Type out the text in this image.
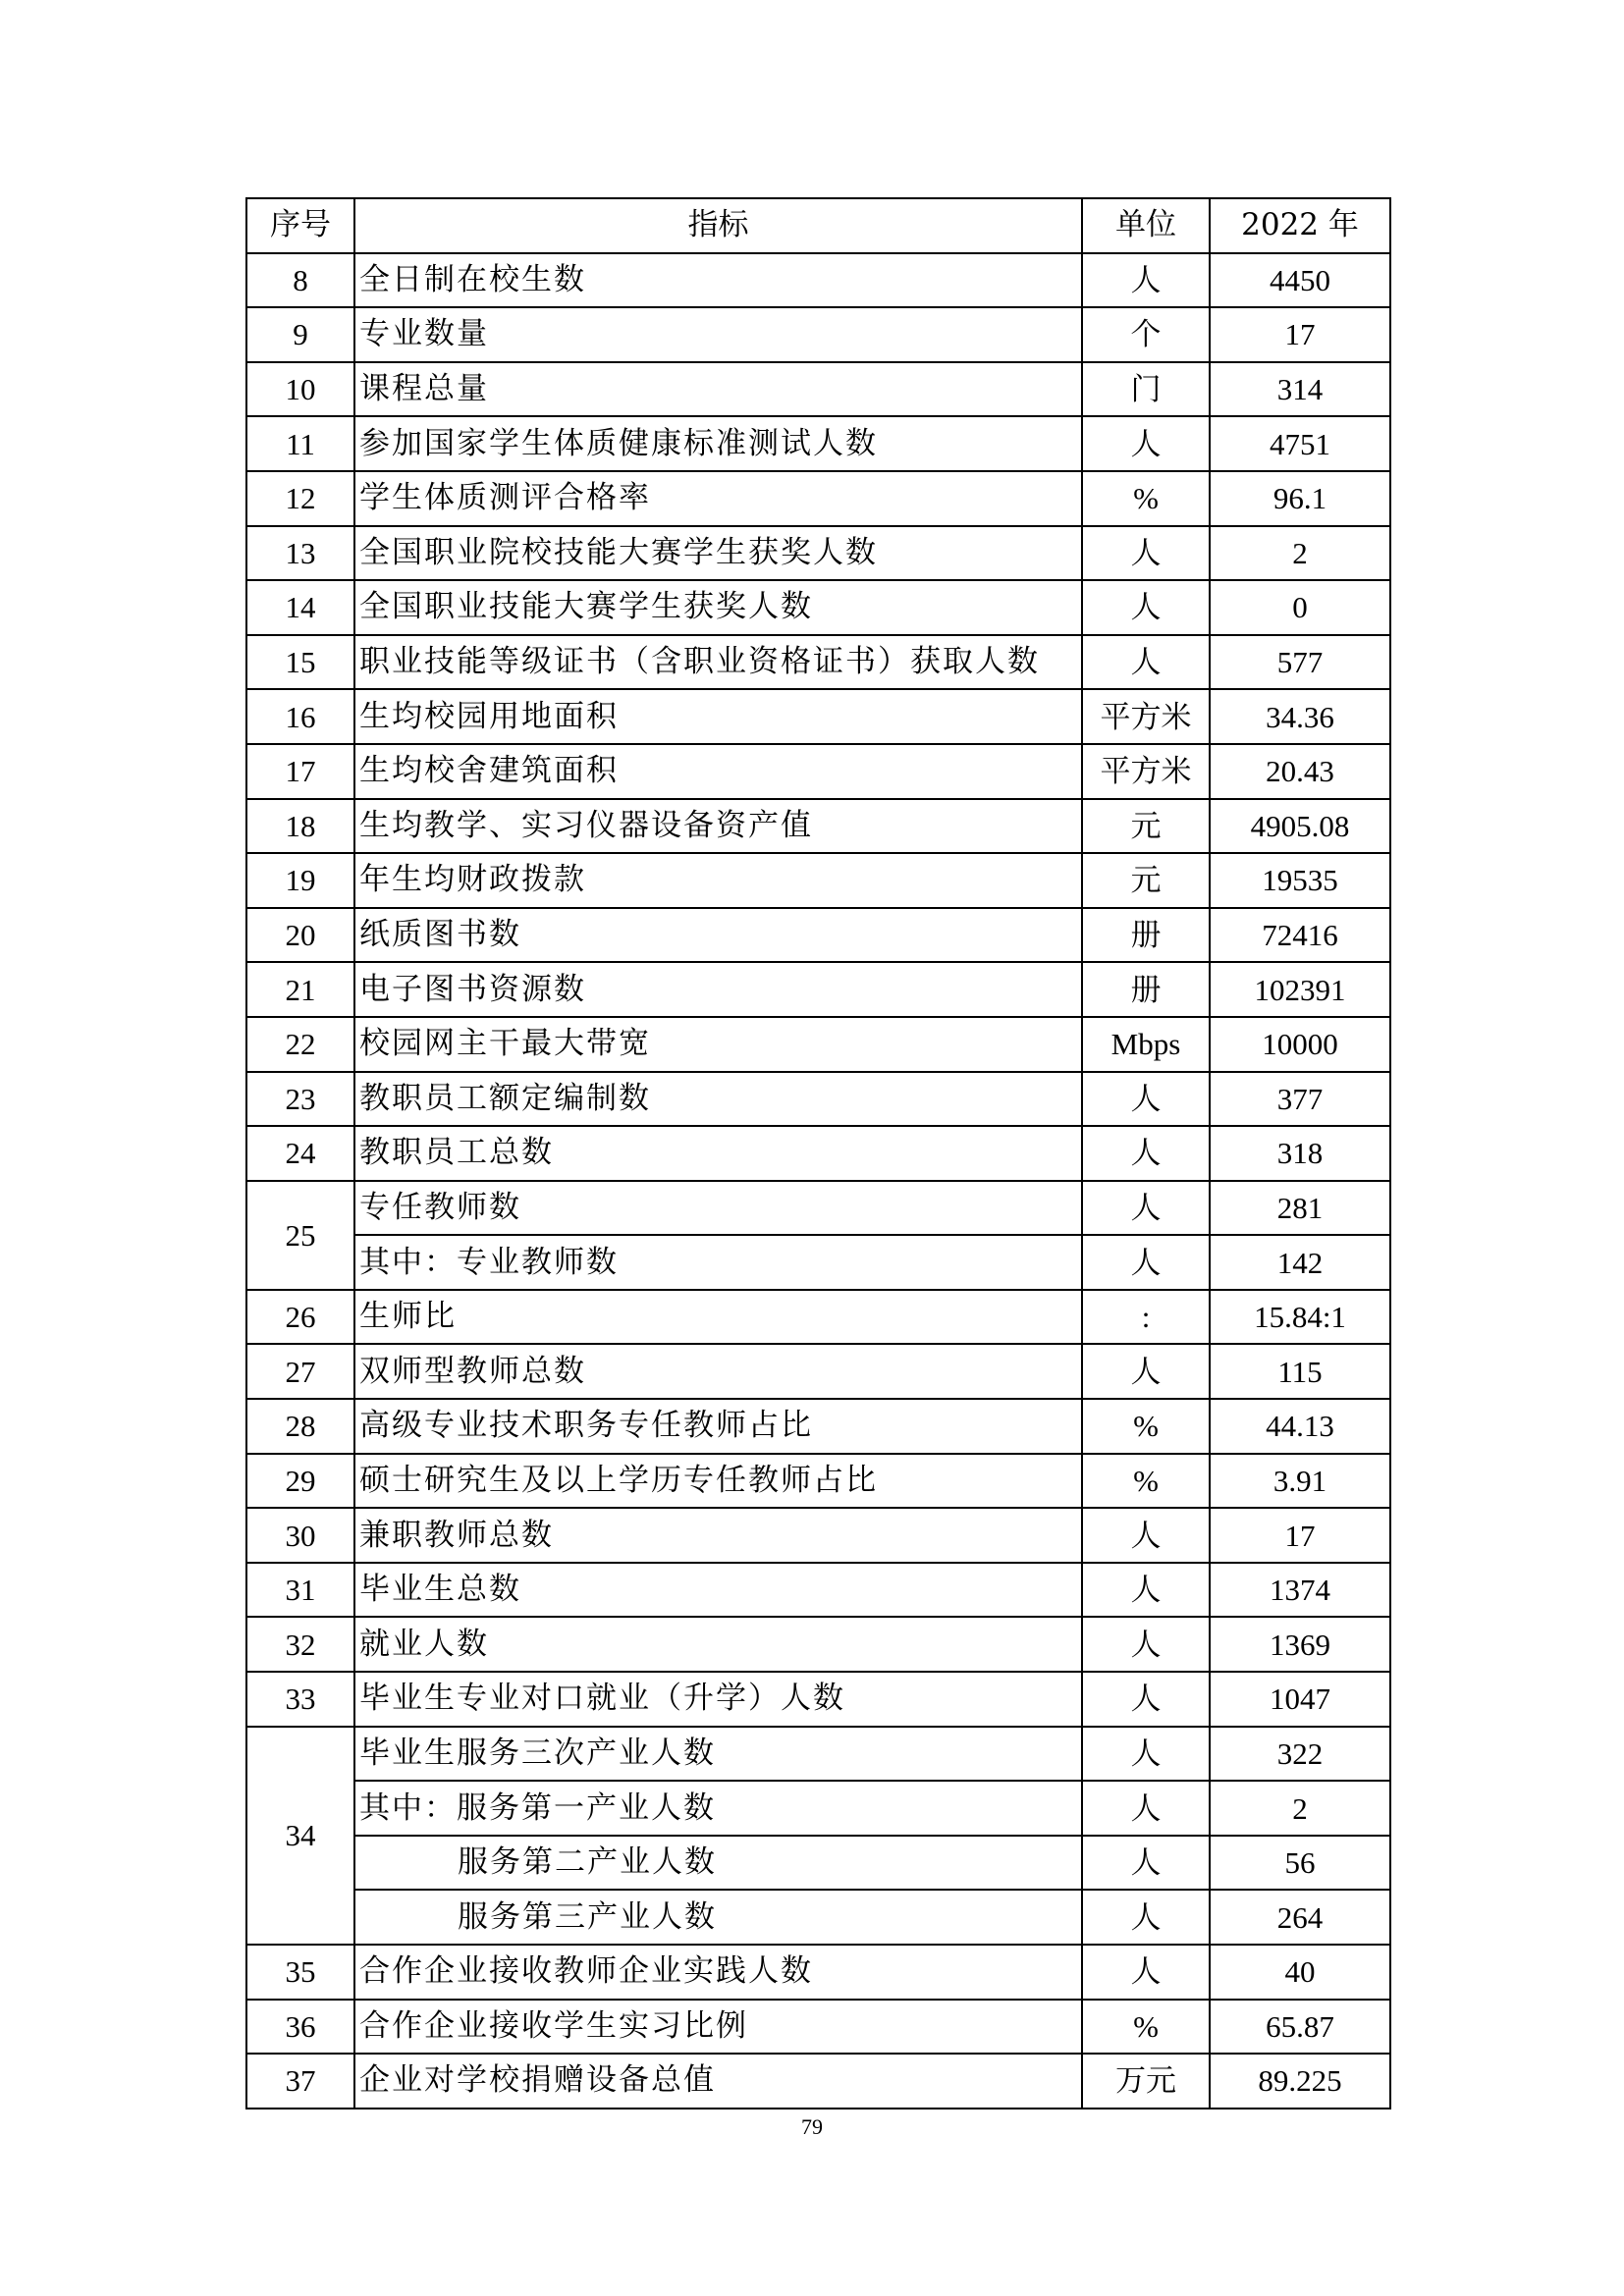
序号	指标	单位	2022 年
8	全日制在校生数	人	4450
9	专业数量	个	17
10	课程总量	门	314
11	参加国家学生体质健康标准测试人数	人	4751
12	学生体质测评合格率	%	96.1
13	全国职业院校技能大赛学生获奖人数	人	2
14	全国职业技能大赛学生获奖人数	人	0
15	职业技能等级证书（含职业资格证书）获取人数	人	577
16	生均校园用地面积	平方米	34.36
17	生均校舍建筑面积	平方米	20.43
18	生均教学、实习仪器设备资产值	元	4905.08
19	年生均财政拨款	元	19535
20	纸质图书数	册	72416
21	电子图书资源数	册	102391
22	校园网主干最大带宽	Mbps	10000
23	教职员工额定编制数	人	377
24	教职员工总数	人	318
25	专任教师数	人	281
	其中：专业教师数	人	142
26	生师比	:	15.84:1
27	双师型教师总数	人	115
28	高级专业技术职务专任教师占比	%	44.13
29	硕士研究生及以上学历专任教师占比	%	3.91
30	兼职教师总数	人	17
31	毕业生总数	人	1374
32	就业人数	人	1369
33	毕业生专业对口就业（升学）人数	人	1047
34	毕业生服务三次产业人数	人	322
	其中：服务第一产业人数	人	2
	服务第二产业人数	人	56
	服务第三产业人数	人	264
35	合作企业接收教师企业实践人数	人	40
36	合作企业接收学生实习比例	%	65.87
37	企业对学校捐赠设备总值	万元	89.225
79
